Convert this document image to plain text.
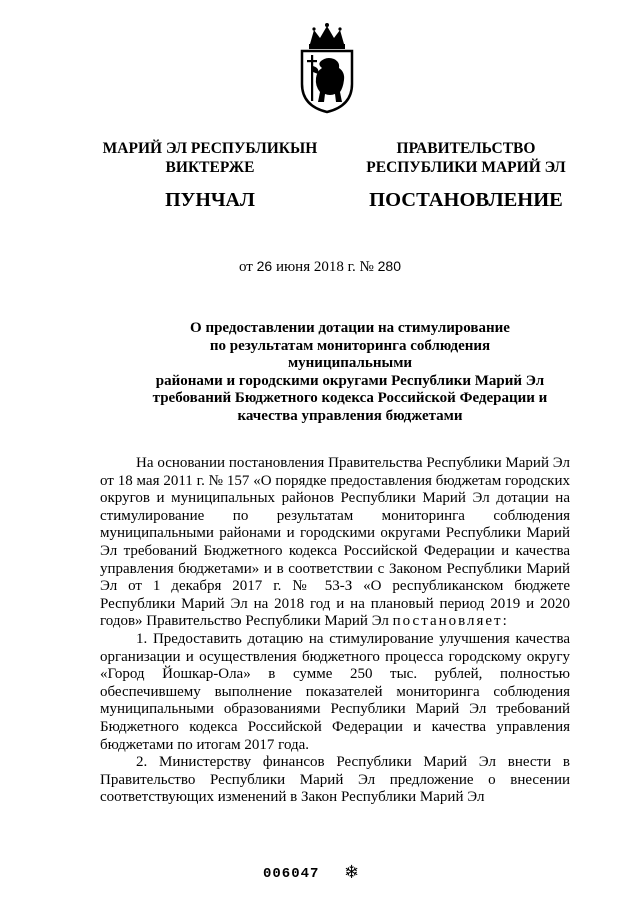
МАРИЙ ЭЛ РЕСПУБЛИКЫН
ВИКТЕРЖЕ
ПУНЧАЛ
ПРАВИТЕЛЬСТВО
РЕСПУБЛИКИ МАРИЙ ЭЛ
ПОСТАНОВЛЕНИЕ
от 26 июня 2018 г. № 280
О предоставлении дотации на стимулирование
по результатам мониторинга соблюдения муниципальными
районами и городскими округами Республики Марий Эл
требований Бюджетного кодекса Российской Федерации и
качества управления бюджетами

На основании постановления Правительства Республики Марий Эл от 18 мая 2011 г. № 157 «О порядке предоставления бюджетам городских округов и муниципальных районов Республики Марий Эл дотации на стимулирование по результатам мониторинга соблюдения муниципальными районами и городскими округами Республики Марий Эл требований Бюджетного кодекса Российской Федерации и качества управления бюджетами» и в соответствии с Законом Республики Марий Эл от 1 декабря 2017 г. № 53-З «О республиканском бюджете Республики Марий Эл на 2018 год и на плановый период 2019 и 2020 годов» Правительство Республики Марий Эл постановляет:

1. Предоставить дотацию на стимулирование улучшения качества организации и осуществления бюджетного процесса городскому округу «Город Йошкар-Ола» в сумме 250 тыс. рублей, полностью обеспечившему выполнение показателей мониторинга соблюдения муниципальными образованиями Республики Марий Эл требований Бюджетного кодекса Российской Федерации и качества управления бюджетами по итогам 2017 года.

2. Министерству финансов Республики Марий Эл внести в Правительство Республики Марий Эл предложение о внесении соответствующих изменений в Закон Республики Марий Эл

006047 ❄
